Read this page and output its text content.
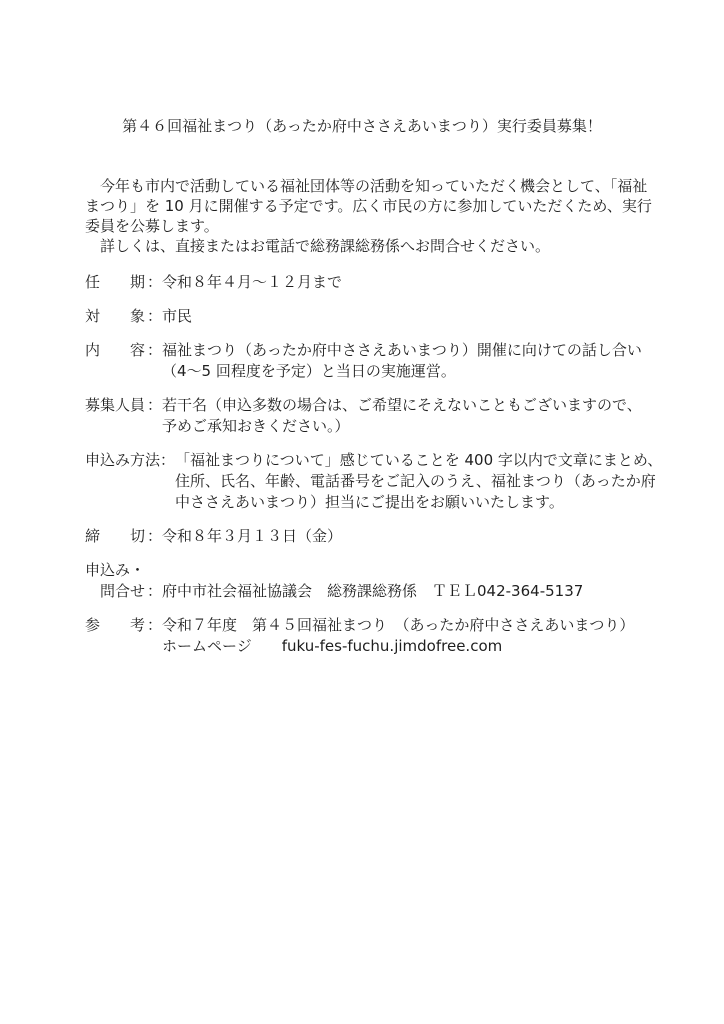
第４６回福祉まつり（あったか府中ささえあいまつり）実行委員募集！
　今年も市内で活動している福祉団体等の活動を知っていただく機会として、「福祉
まつり」を 10 月に開催する予定です。広く市民の方に参加していただくため、実行
委員を公募します。
　詳しくは、直接またはお電話で総務課総務係へお問合せください。
任　　期 ： 令和８年４月～１２月まで
対　　象 ： 市民
内　　容 ： 福祉まつり（あったか府中ささえあいまつり）開催に向けての話し合い
（4～5 回程度を予定）と当日の実施運営。
募集人員 ： 若干名（申込多数の場合は、ご希望にそえないこともございますので、
予めご承知おきください。）
申込み方法 ： 「福祉まつりについて」感じていることを 400 字以内で文章にまとめ、
住所、氏名、年齢、電話番号をご記入のうえ、福祉まつり（あったか府
中ささえあいまつり）担当にご提出をお願いいたします。
締　　切 ： 令和８年３月１３日（金）
申込み・
　問合せ ： 府中市社会福祉協議会　総務課総務係　ＴＥＬ042-364-5137
参　　考 ： 令和７年度　第４５回福祉まつり　（あったか府中ささえあいまつり）
ホームページ　　fuku-fes-fuchu.jimdofree.com
